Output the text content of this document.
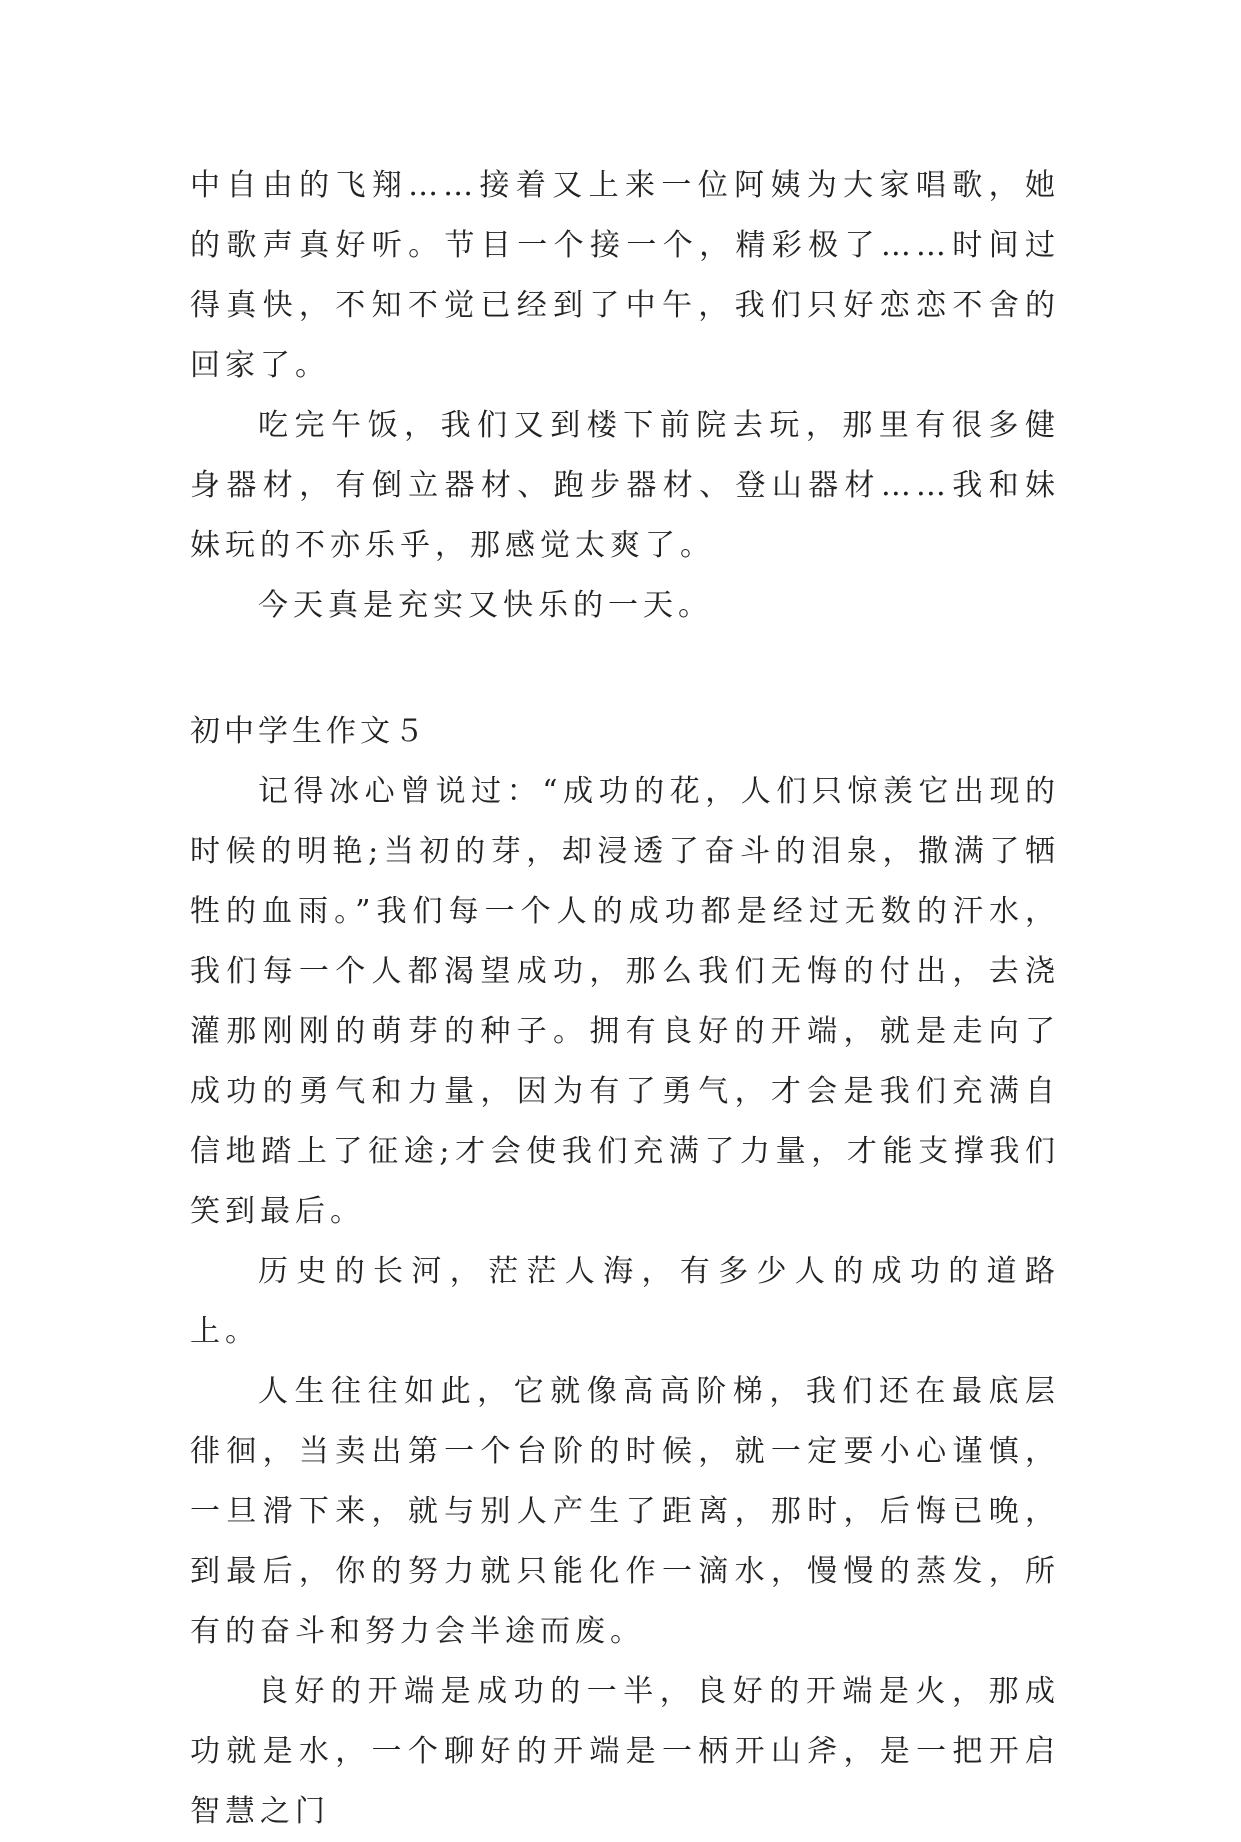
中自由的飞翔……接着又上来一位阿姨为大家唱歌，她的歌声真好听。节目一个接一个，精彩极了……时间过得真快，不知不觉已经到了中午，我们只好恋恋不舍的回家了。

吃完午饭，我们又到楼下前院去玩，那里有很多健身器材，有倒立器材、跑步器材、登山器材……我和妹妹玩的不亦乐乎，那感觉太爽了。

今天真是充实又快乐的一天。

初中学生作文５

记得冰心曾说过：“成功的花，人们只惊羡它出现的时候的明艳;当初的芽，却浸透了奋斗的泪泉，撒满了牺牲的血雨。”我们每一个人的成功都是经过无数的汗水，我们每一个人都渴望成功，那么我们无悔的付出，去浇灌那刚刚的萌芽的种子。拥有良好的开端，就是走向了成功的勇气和力量，因为有了勇气，才会是我们充满自信地踏上了征途;才会使我们充满了力量，才能支撑我们笑到最后。

历史的长河，茫茫人海，有多少人的成功的道路上。

人生往往如此，它就像高高阶梯，我们还在最底层徘徊，当卖出第一个台阶的时候，就一定要小心谨慎，一旦滑下来，就与别人产生了距离，那时，后悔已晚，到最后，你的努力就只能化作一滴水，慢慢的蒸发，所有的奋斗和努力会半途而废。

良好的开端是成功的一半，良好的开端是火，那成功就是水，一个聊好的开端是一柄开山斧，是一把开启智慧之门
